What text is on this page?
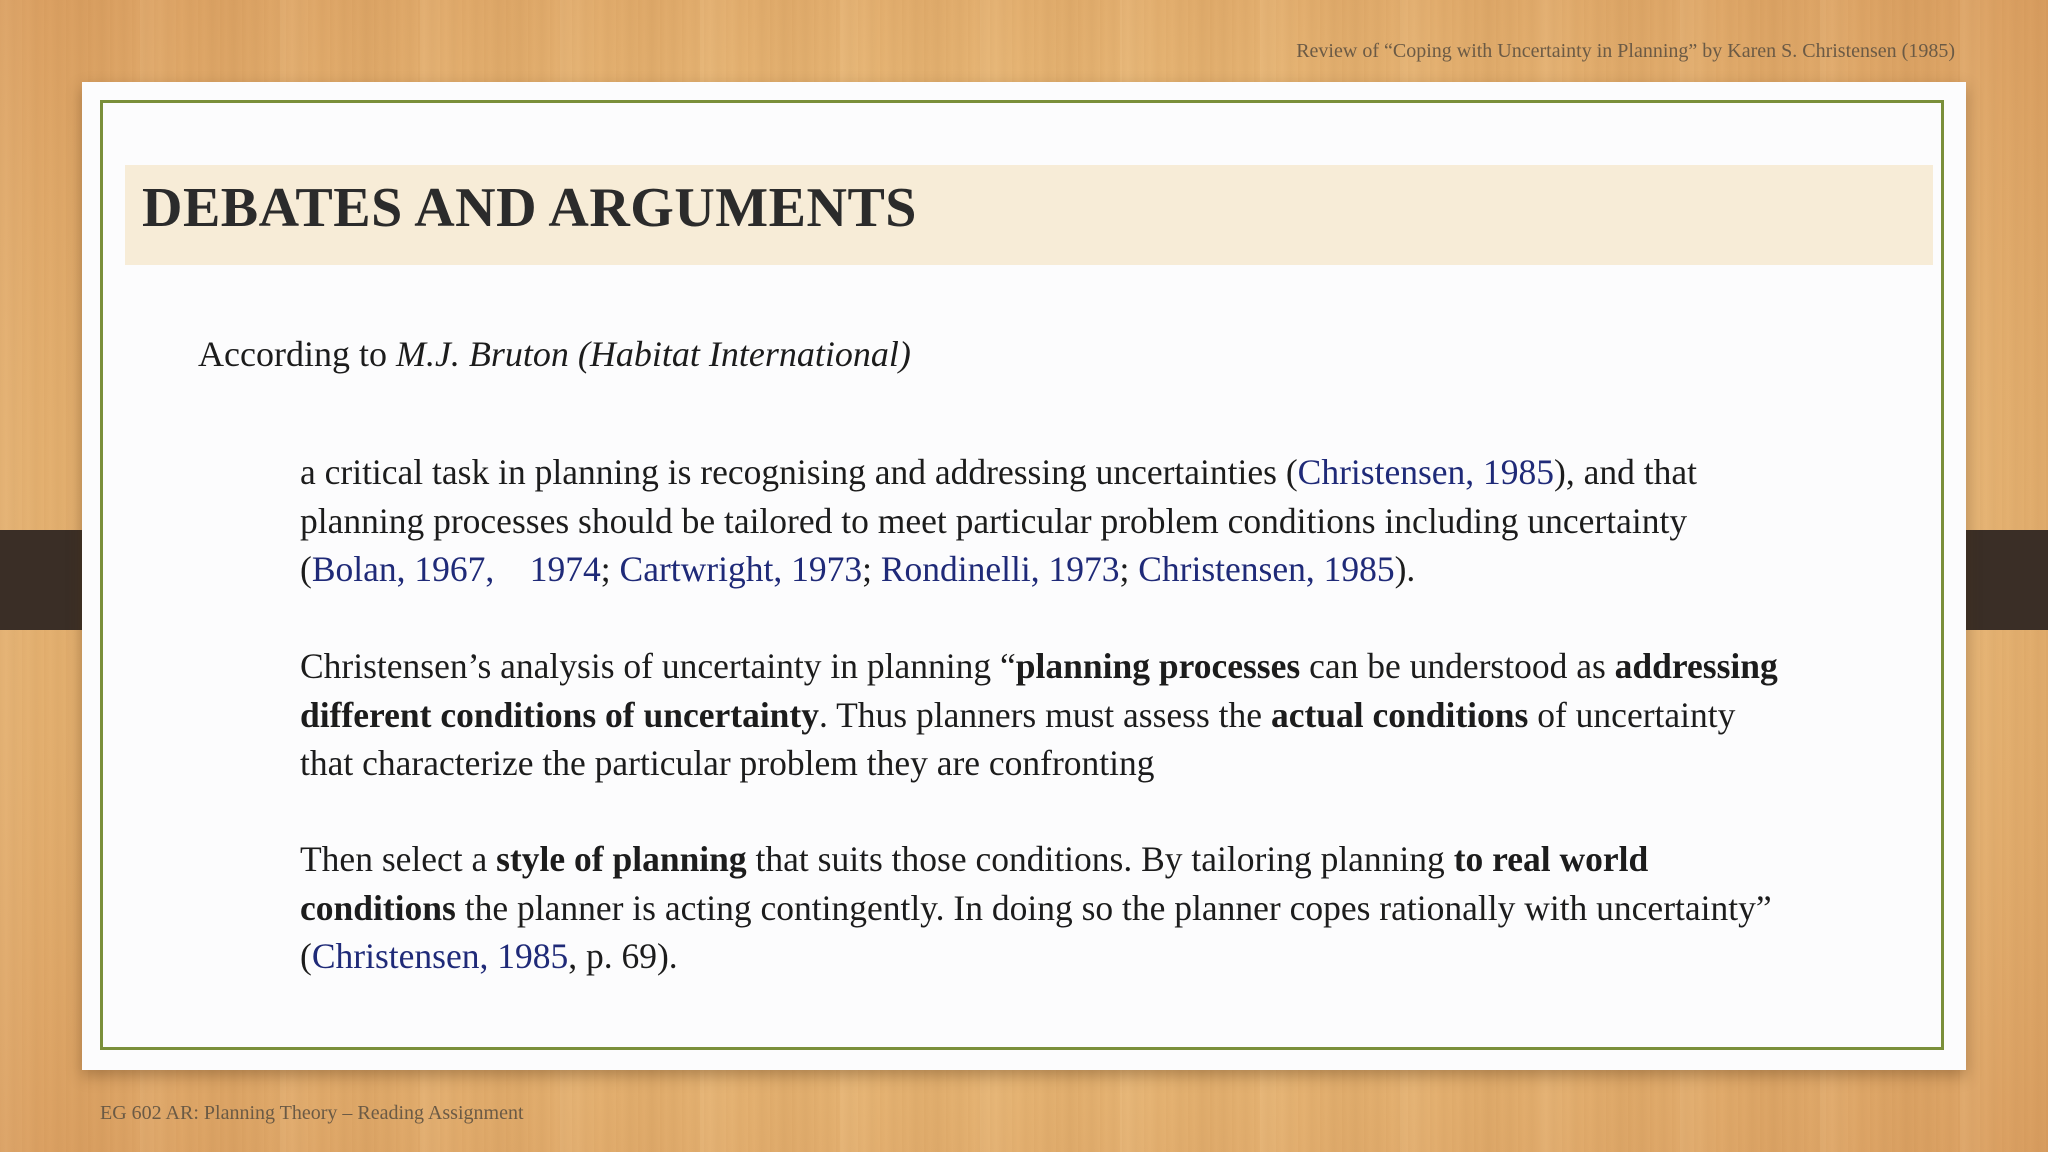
Review of “Coping with Uncertainty in Planning” by Karen S. Christensen (1985)
DEBATES AND ARGUMENTS
According to M.J. Bruton (Habitat International)
a critical task in planning is recognising and addressing uncertainties (Christensen, 1985), and that planning processes should be tailored to meet particular problem conditions including uncertainty (Bolan, 1967,    1974; Cartwright, 1973; Rondinelli, 1973; Christensen, 1985).
Christensen’s analysis of uncertainty in planning “planning processes can be understood as addressing different conditions of uncertainty. Thus planners must assess the actual conditions of uncertainty that characterize the particular problem they are confronting
Then select a style of planning that suits those conditions. By tailoring planning to real world conditions the planner is acting contingently. In doing so the planner copes rationally with uncertainty” (Christensen, 1985, p. 69).
EG 602 AR: Planning Theory – Reading Assignment
